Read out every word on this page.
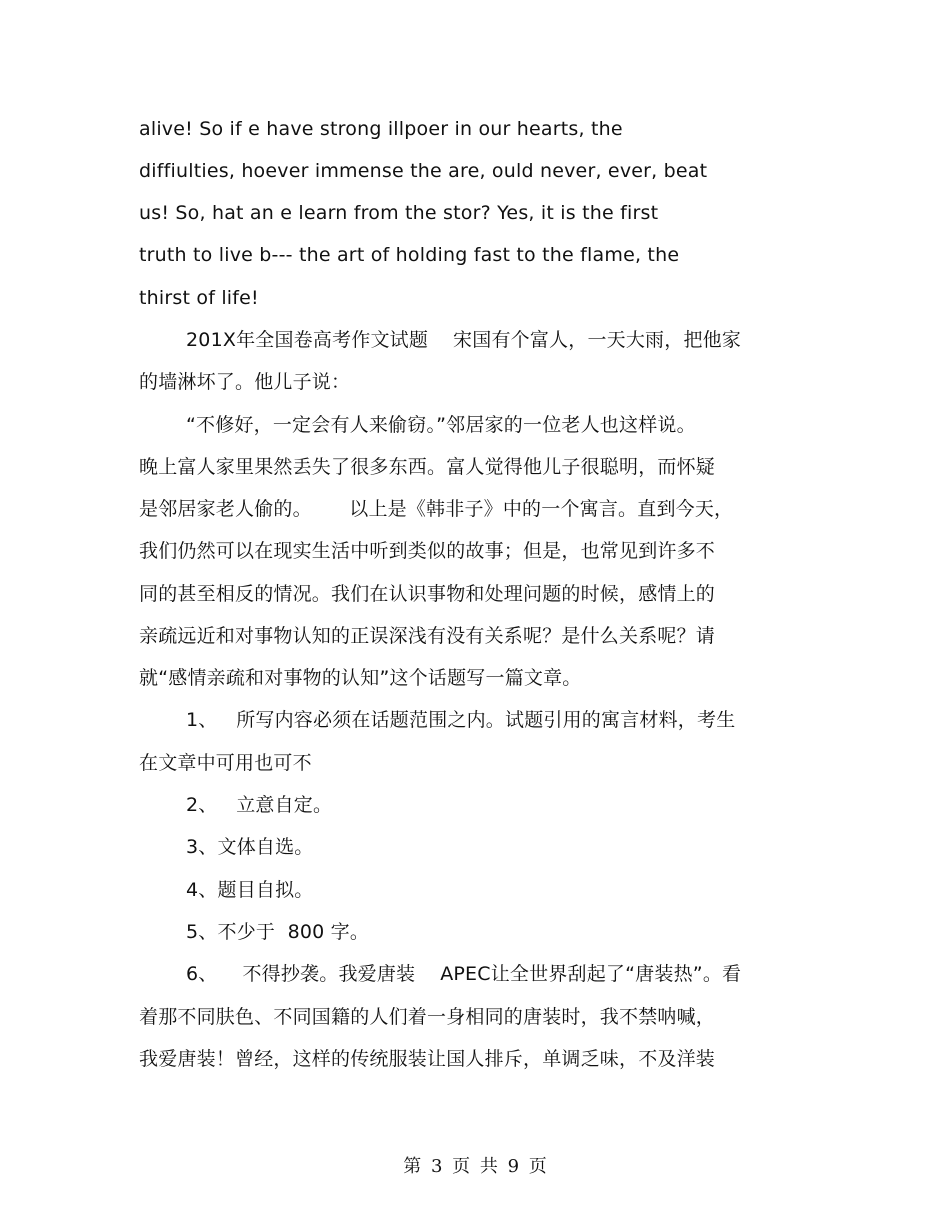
alive! So if e have strong illpoer in our hearts, the
diffiulties, hoever immense the are, ould never, ever, beat
us! So, hat an e learn from the stor? Yes, it is the first
truth to live b--- the art of holding fast to the flame, the
thirst of life!
201X年全国卷高考作文试题    宋国有个富人，一天大雨，把他家
的墙淋坏了。他儿子说：
“不修好，一定会有人来偷窃。”邻居家的一位老人也这样说。
晚上富人家里果然丢失了很多东西。富人觉得他儿子很聪明，而怀疑
是邻居家老人偷的。      以上是《韩非子》中的一个寓言。直到今天，
我们仍然可以在现实生活中听到类似的故事；但是，也常见到许多不
同的甚至相反的情况。我们在认识事物和处理问题的时候，感情上的
亲疏远近和对事物认知的正误深浅有没有关系呢？是什么关系呢？请
就“感情亲疏和对事物的认知”这个话题写一篇文章。
1、   所写内容必须在话题范围之内。试题引用的寓言材料，考生
在文章中可用也可不
2、   立意自定。
3、文体自选。
4、题目自拟。
5、不少于  800 字。
6、    不得抄袭。我爱唐装    APEC让全世界刮起了“唐装热”。看
着那不同肤色、不同国籍的人们着一身相同的唐装时，我不禁呐喊，
我爱唐装！曾经，这样的传统服装让国人排斥，单调乏味，不及洋装
第 3 页 共 9 页
